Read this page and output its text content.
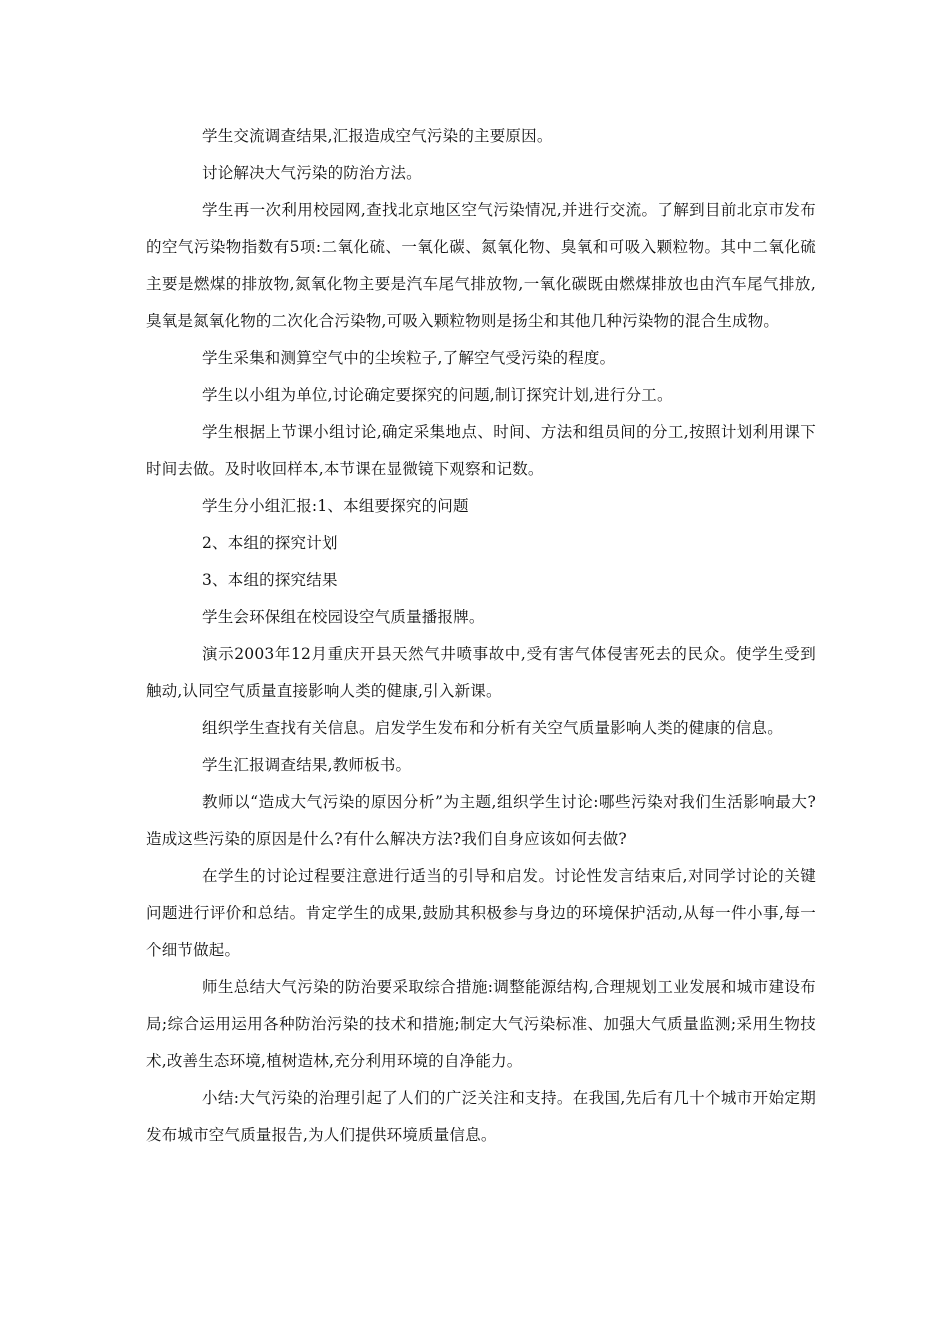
学生交流调查结果,汇报造成空气污染的主要原因。

讨论解决大气污染的防治方法。

学生再一次利用校园网,查找北京地区空气污染情况,并进行交流。了解到目前北京市发布的空气污染物指数有5项:二氧化硫、一氧化碳、氮氧化物、臭氧和可吸入颗粒物。其中二氧化硫主要是燃煤的排放物,氮氧化物主要是汽车尾气排放物,一氧化碳既由燃煤排放也由汽车尾气排放,臭氧是氮氧化物的二次化合污染物,可吸入颗粒物则是扬尘和其他几种污染物的混合生成物。

学生采集和测算空气中的尘埃粒子,了解空气受污染的程度。

学生以小组为单位,讨论确定要探究的问题,制订探究计划,进行分工。

学生根据上节课小组讨论,确定采集地点、时间、方法和组员间的分工,按照计划利用课下时间去做。及时收回样本,本节课在显微镜下观察和记数。

学生分小组汇报:1、本组要探究的问题

2、本组的探究计划

3、本组的探究结果

学生会环保组在校园设空气质量播报牌。

演示2003年12月重庆开县天然气井喷事故中,受有害气体侵害死去的民众。使学生受到触动,认同空气质量直接影响人类的健康,引入新课。

组织学生查找有关信息。启发学生发布和分析有关空气质量影响人类的健康的信息。

学生汇报调查结果,教师板书。

教师以“造成大气污染的原因分析”为主题,组织学生讨论:哪些污染对我们生活影响最大?造成这些污染的原因是什么?有什么解决方法?我们自身应该如何去做?

在学生的讨论过程要注意进行适当的引导和启发。讨论性发言结束后,对同学讨论的关键问题进行评价和总结。肯定学生的成果,鼓励其积极参与身边的环境保护活动,从每一件小事,每一个细节做起。

师生总结大气污染的防治要采取综合措施:调整能源结构,合理规划工业发展和城市建设布局;综合运用运用各种防治污染的技术和措施;制定大气污染标准、加强大气质量监测;采用生物技术,改善生态环境,植树造林,充分利用环境的自净能力。

小结:大气污染的治理引起了人们的广泛关注和支持。在我国,先后有几十个城市开始定期发布城市空气质量报告,为人们提供环境质量信息。
